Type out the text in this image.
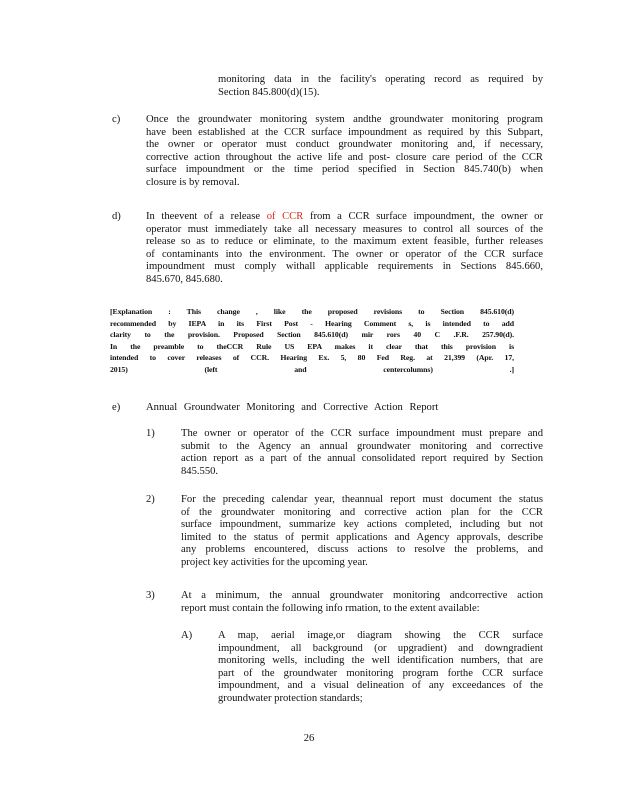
monitoring data in the facility's operating record as required by
Section 845.800(d)(15).
c) Once the groundwater monitoring system andthe groundwater monitoring program
have been established at the CCR surface impoundment as required by this Subpart,
the owner or operator must conduct groundwater monitoring and, if necessary,
corrective action throughout the active life and post- closure care period of the CCR
surface impoundment or the time period specified in Section 845.740(b) when
closure is by removal.
d) In theevent of a release of CCR from a CCR surface impoundment, the owner or
operator must immediately take all necessary measures to control all sources of the
release so as to reduce or eliminate, to the maximum extent feasible, further releases
of contaminants into the environment. The owner or operator of the CCR surface
impoundment must comply withall applicable requirements in Sections 845.660,
845.670, 845.680.
[Explanation : This change , like the proposed revisions to Section 845.610(d)
recommended by IEPA in its First Post - Hearing Comment s, is intended to add
clarity to the provision. Proposed Section 845.610(d) mir rors 40 C .F.R. 257.90(d).
In the preamble to theCCR Rule US EPA makes it clear that this provision is
intended to cover releases of CCR. Hearing Ex. 5, 80 Fed Reg. at 21,399 (Apr. 17,
2015) (left and centercolumns) .]
e) Annual Groundwater Monitoring and Corrective Action Report
1) The owner or operator of the CCR surface impoundment must prepare and
submit to the Agency an annual groundwater monitoring and corrective
action report as a part of the annual consolidated report required by Section
845.550.
2) For the preceding calendar year, theannual report must document the status
of the groundwater monitoring and corrective action plan for the CCR
surface impoundment, summarize key actions completed, including but not
limited to the status of permit applications and Agency approvals, describe
any problems encountered, discuss actions to resolve the problems, and
project key activities for the upcoming year.
3) At a minimum, the annual groundwater monitoring andcorrective action
report must contain the following info rmation, to the extent available:
A) A map, aerial image,or diagram showing the CCR surface
impoundment, all background (or upgradient) and downgradient
monitoring wells, including the well identification numbers, that are
part of the groundwater monitoring program forthe CCR surface
impoundment, and a visual delineation of any exceedances of the
groundwater protection standards;
26
